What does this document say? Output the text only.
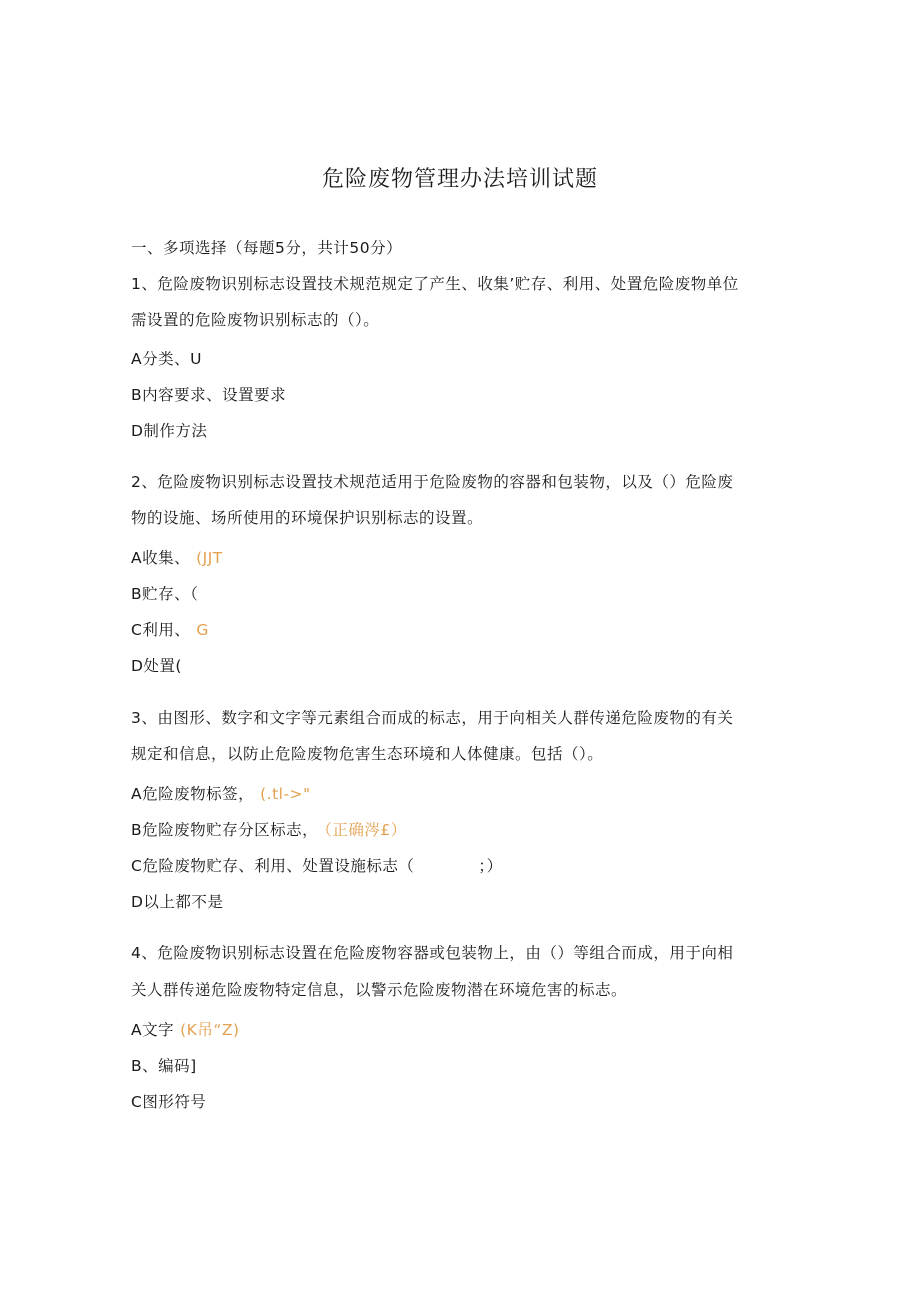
危险废物管理办法培训试题
一、多项选择（每题5分，共计50分）
1、危险废物识别标志设置技术规范规定了产生、收集’贮存、利用、处置危险废物单位
需设置的危险废物识别标志的（）。
A分类、U
B内容要求、设置要求
D制作方法
2、危险废物识别标志设置技术规范适用于危险废物的容器和包装物，以及（）危险废
物的设施、场所使用的环境保护识别标志的设置。
A收集、 (JJT
B贮存、（
C利用、 G
D处置(
3、由图形、数字和文字等元素组合而成的标志，用于向相关人群传递危险废物的有关
规定和信息，以防止危险废物危害生态环境和人体健康。包括（）。
A危险废物标签， (.tl->"
B危险废物贮存分区标志， （正确涔£）
C危险废物贮存、利用、处置设施标志（　　　　；）
D以上都不是
4、危险废物识别标志设置在危险废物容器或包装物上，由（）等组合而成，用于向相
关人群传递危险废物特定信息，以警示危险废物潜在环境危害的标志。
A文字 (K吊“Z)
B、编码]
C图形符号
